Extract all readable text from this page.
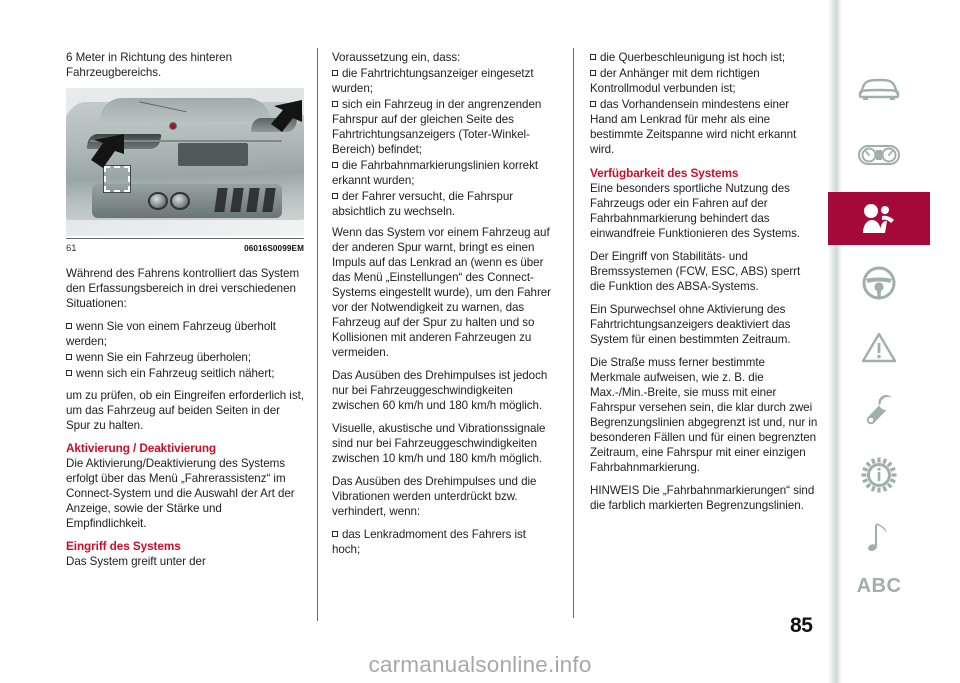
6 Meter in Richtung des hinteren Fahrzeugbereichs.

61	06016S0099EM

Während des Fahrens kontrolliert das System den Erfassungsbereich in drei verschiedenen Situationen:

wenn Sie von einem Fahrzeug überholt werden;

wenn Sie ein Fahrzeug überholen;

wenn sich ein Fahrzeug seitlich nähert;

um zu prüfen, ob ein Eingreifen erforderlich ist, um das Fahrzeug auf beiden Seiten in der Spur zu halten.

Aktivierung / Deaktivierung

Die Aktivierung/Deaktivierung des Systems erfolgt über das Menü „Fahrerassistenz“ im Connect-System und die Auswahl der Art der Anzeige, sowie der Stärke und Empfindlichkeit.

Eingriff des Systems

Das System greift unter der

Voraussetzung ein, dass:

die Fahrtrichtungsanzeiger eingesetzt wurden;

sich ein Fahrzeug in der angrenzenden Fahrspur auf der gleichen Seite des Fahrtrichtungsanzeigers (Toter-Winkel-Bereich) befindet;

die Fahrbahnmarkierungslinien korrekt erkannt wurden;

der Fahrer versucht, die Fahrspur absichtlich zu wechseln.

Wenn das System vor einem Fahrzeug auf der anderen Spur warnt, bringt es einen Impuls auf das Lenkrad an (wenn es über das Menü „Einstellungen“ des Connect-Systems eingestellt wurde), um den Fahrer vor der Notwendigkeit zu warnen, das Fahrzeug auf der Spur zu halten und so Kollisionen mit anderen Fahrzeugen zu vermeiden.

Das Ausüben des Drehimpulses ist jedoch nur bei Fahrzeuggeschwindigkeiten zwischen 60 km/h und 180 km/h möglich.

Visuelle, akustische und Vibrationssignale sind nur bei Fahrzeuggeschwindigkeiten zwischen 10 km/h und 180 km/h möglich.

Das Ausüben des Drehimpulses und die Vibrationen werden unterdrückt bzw. verhindert, wenn:

das Lenkradmoment des Fahrers ist hoch;

die Querbeschleunigung ist hoch ist;

der Anhänger mit dem richtigen Kontrollmodul verbunden ist;

das Vorhandensein mindestens einer Hand am Lenkrad für mehr als eine bestimmte Zeitspanne wird nicht erkannt wird.

Verfügbarkeit des Systems

Eine besonders sportliche Nutzung des Fahrzeugs oder ein Fahren auf der Fahrbahnmarkierung behindert das einwandfreie Funktionieren des Systems.

Der Eingriff von Stabilitäts- und Bremssystemen (FCW, ESC, ABS) sperrt die Funktion des ABSA-Systems.

Ein Spurwechsel ohne Aktivierung des Fahrtrichtungsanzeigers deaktiviert das System für einen bestimmten Zeitraum.

Die Straße muss ferner bestimmte Merkmale aufweisen, wie z. B. die Max.-/Min.-Breite, sie muss mit einer Fahrspur versehen sein, die klar durch zwei Begrenzungslinien abgegrenzt ist und, nur in besonderen Fällen und für einen begrenzten Zeitraum, eine Fahrspur mit einer einzigen Fahrbahnmarkierung.

HINWEIS Die „Fahrbahnmarkierungen“ sind die farblich markierten Begrenzungslinien.

ABC
85
carmanualsonline.info
